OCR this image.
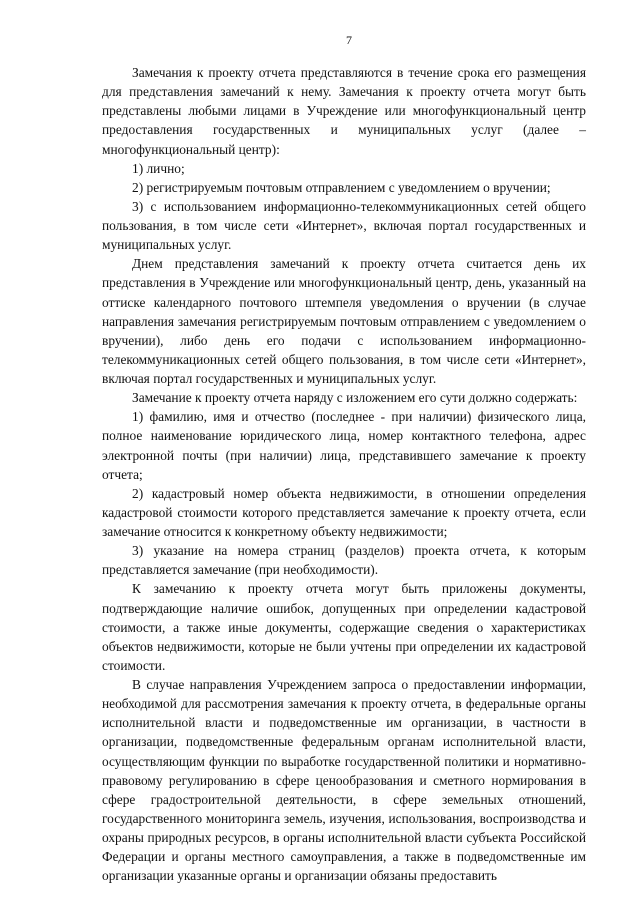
7

Замечания к проекту отчета представляются в течение срока его размещения для представления замечаний к нему. Замечания к проекту отчета могут быть представлены любыми лицами в Учреждение или многофункциональный центр предоставления государственных и муниципальных услуг (далее – многофункциональный центр):

1) лично;

2) регистрируемым почтовым отправлением с уведомлением о вручении;

3) с использованием информационно-телекоммуникационных сетей общего пользования, в том числе сети «Интернет», включая портал государственных и муниципальных услуг.

Днем представления замечаний к проекту отчета считается день их представления в Учреждение или многофункциональный центр, день, указанный на оттиске календарного почтового штемпеля уведомления о вручении (в случае направления замечания регистрируемым почтовым отправлением с уведомлением о вручении), либо день его подачи с использованием информационно-телекоммуникационных сетей общего пользования, в том числе сети «Интернет», включая портал государственных и муниципальных услуг.

Замечание к проекту отчета наряду с изложением его сути должно содержать:

1) фамилию, имя и отчество (последнее - при наличии) физического лица, полное наименование юридического лица, номер контактного телефона, адрес электронной почты (при наличии) лица, представившего замечание к проекту отчета;

2) кадастровый номер объекта недвижимости, в отношении определения кадастровой стоимости которого представляется замечание к проекту отчета, если замечание относится к конкретному объекту недвижимости;

3) указание на номера страниц (разделов) проекта отчета, к которым представляется замечание (при необходимости).

К замечанию к проекту отчета могут быть приложены документы, подтверждающие наличие ошибок, допущенных при определении кадастровой стоимости, а также иные документы, содержащие сведения о характеристиках объектов недвижимости, которые не были учтены при определении их кадастровой стоимости.

В случае направления Учреждением запроса о предоставлении информации, необходимой для рассмотрения замечания к проекту отчета, в федеральные органы исполнительной власти и подведомственные им организации, в частности в организации, подведомственные федеральным органам исполнительной власти, осуществляющим функции по выработке государственной политики и нормативно-правовому регулированию в сфере ценообразования и сметного нормирования в сфере градостроительной деятельности, в сфере земельных отношений, государственного мониторинга земель, изучения, использования, воспроизводства и охраны природных ресурсов, в органы исполнительной власти субъекта Российской Федерации и органы местного самоуправления, а также в подведомственные им организации указанные органы и организации обязаны предоставить
